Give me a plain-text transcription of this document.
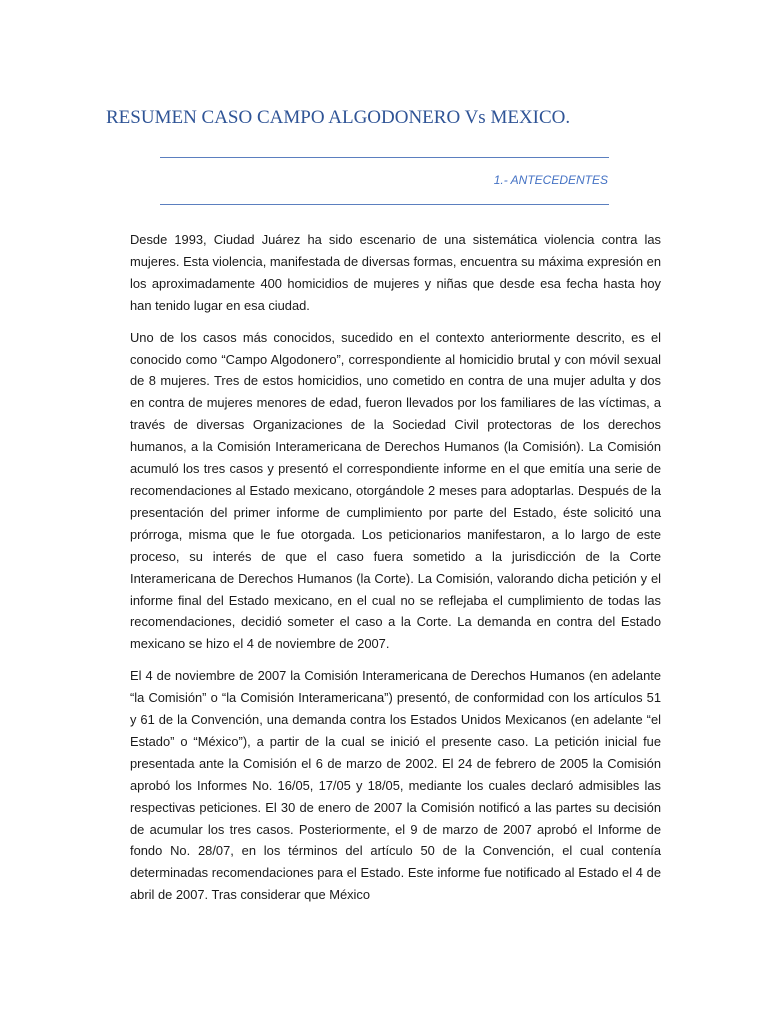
RESUMEN CASO CAMPO ALGODONERO Vs MEXICO.
1.- ANTECEDENTES

Desde 1993, Ciudad Juárez ha sido escenario de una sistemática violencia contra las mujeres. Esta violencia, manifestada de diversas formas, encuentra su máxima expresión en los aproximadamente 400 homicidios de mujeres y niñas que desde esa fecha hasta hoy han tenido lugar en esa ciudad.

Uno de los casos más conocidos, sucedido en el contexto anteriormente descrito, es el conocido como “Campo Algodonero”, correspondiente al homicidio brutal y con móvil sexual de 8 mujeres. Tres de estos homicidios, uno cometido en contra de una mujer adulta y dos en contra de mujeres menores de edad, fueron llevados por los familiares de las víctimas, a través de diversas Organizaciones de la Sociedad Civil protectoras de los derechos humanos, a la Comisión Interamericana de Derechos Humanos (la Comisión). La Comisión acumuló los tres casos y presentó el correspondiente informe en el que emitía una serie de recomendaciones al Estado mexicano, otorgándole 2 meses para adoptarlas. Después de la presentación del primer informe de cumplimiento por parte del Estado, éste solicitó una prórroga, misma que le fue otorgada. Los peticionarios manifestaron, a lo largo de este proceso, su interés de que el caso fuera sometido a la jurisdicción de la Corte Interamericana de Derechos Humanos (la Corte). La Comisión, valorando dicha petición y el informe final del Estado mexicano, en el cual no se reflejaba el cumplimiento de todas las recomendaciones, decidió someter el caso a la Corte. La demanda en contra del Estado mexicano se hizo el 4 de noviembre de 2007.

El 4 de noviembre de 2007 la Comisión Interamericana de Derechos Humanos (en adelante “la Comisión” o “la Comisión Interamericana”) presentó, de conformidad con los artículos 51 y 61 de la Convención, una demanda contra los Estados Unidos Mexicanos (en adelante “el Estado” o “México”), a partir de la cual se inició el presente caso. La petición inicial fue presentada ante la Comisión el 6 de marzo de 2002. El 24 de febrero de 2005 la Comisión aprobó los Informes No. 16/05, 17/05 y 18/05, mediante los cuales declaró admisibles las respectivas peticiones. El 30 de enero de 2007 la Comisión notificó a las partes su decisión de acumular los tres casos. Posteriormente, el 9 de marzo de 2007 aprobó el Informe de fondo No. 28/07, en los términos del artículo 50 de la Convención, el cual contenía determinadas recomendaciones para el Estado. Este informe fue notificado al Estado el 4 de abril de 2007. Tras considerar que México
